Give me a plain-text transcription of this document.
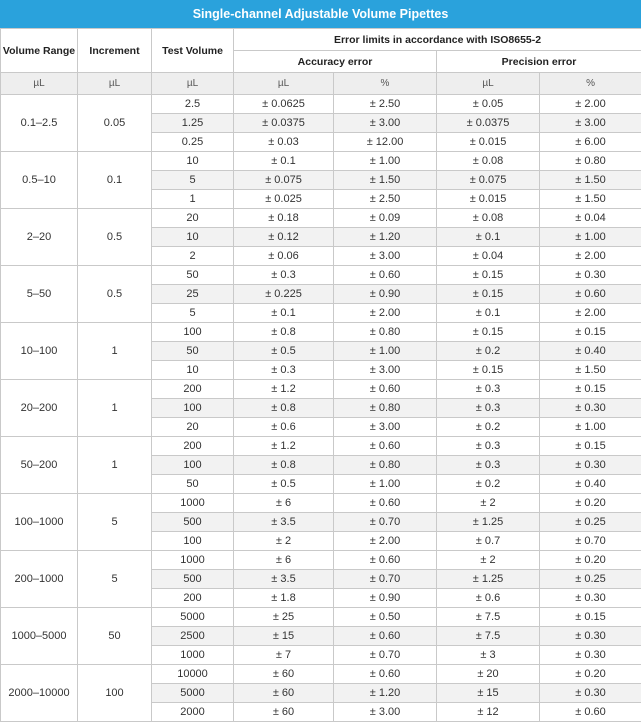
Single-channel Adjustable Volume Pipettes
Volume Range	Increment	Test Volume	Error limits in accordance with ISO8655-2			
			Accuracy error		Precision error	
µL	µL	µL	µL	%	µL	%
0.1–2.5	0.05	2.5	± 0.0625	± 2.50	± 0.05	± 2.00
		1.25	± 0.0375	± 3.00	± 0.0375	± 3.00
		0.25	± 0.03	± 12.00	± 0.015	± 6.00
0.5–10	0.1	10	± 0.1	± 1.00	± 0.08	± 0.80
		5	± 0.075	± 1.50	± 0.075	± 1.50
		1	± 0.025	± 2.50	± 0.015	± 1.50
2–20	0.5	20	± 0.18	± 0.09	± 0.08	± 0.04
		10	± 0.12	± 1.20	± 0.1	± 1.00
		2	± 0.06	± 3.00	± 0.04	± 2.00
5–50	0.5	50	± 0.3	± 0.60	± 0.15	± 0.30
		25	± 0.225	± 0.90	± 0.15	± 0.60
		5	± 0.1	± 2.00	± 0.1	± 2.00
10–100	1	100	± 0.8	± 0.80	± 0.15	± 0.15
		50	± 0.5	± 1.00	± 0.2	± 0.40
		10	± 0.3	± 3.00	± 0.15	± 1.50
20–200	1	200	± 1.2	± 0.60	± 0.3	± 0.15
		100	± 0.8	± 0.80	± 0.3	± 0.30
		20	± 0.6	± 3.00	± 0.2	± 1.00
50–200	1	200	± 1.2	± 0.60	± 0.3	± 0.15
		100	± 0.8	± 0.80	± 0.3	± 0.30
		50	± 0.5	± 1.00	± 0.2	± 0.40
100–1000	5	1000	± 6	± 0.60	± 2	± 0.20
		500	± 3.5	± 0.70	± 1.25	± 0.25
		100	± 2	± 2.00	± 0.7	± 0.70
200–1000	5	1000	± 6	± 0.60	± 2	± 0.20
		500	± 3.5	± 0.70	± 1.25	± 0.25
		200	± 1.8	± 0.90	± 0.6	± 0.30
1000–5000	50	5000	± 25	± 0.50	± 7.5	± 0.15
		2500	± 15	± 0.60	± 7.5	± 0.30
		1000	± 7	± 0.70	± 3	± 0.30
2000–10000	100	10000	± 60	± 0.60	± 20	± 0.20
		5000	± 60	± 1.20	± 15	± 0.30
		2000	± 60	± 3.00	± 12	± 0.60
